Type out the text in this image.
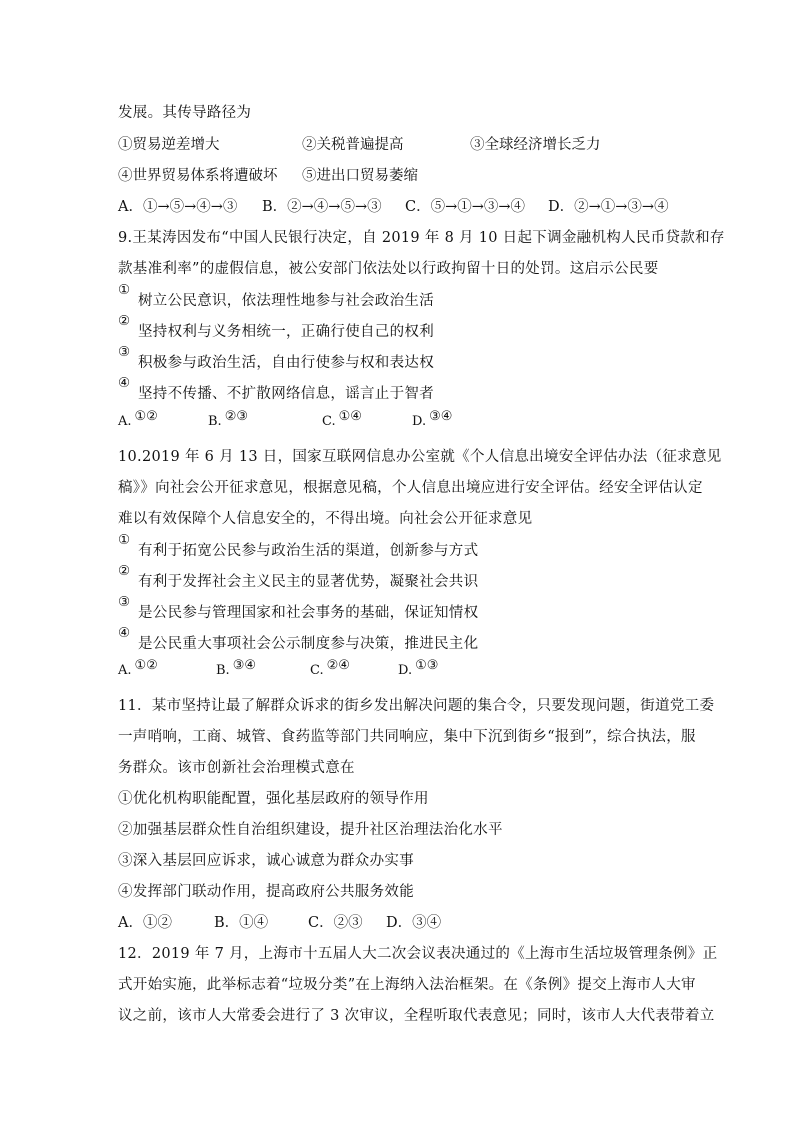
发展。其传导路径为
①贸易逆差增大	②关税普遍提高	③全球经济增长乏力
④世界贸易体系将遭破坏 ⑤进出口贸易萎缩
A．①→⑤→④→③ B．②→④→⑤→③ C．⑤→①→③→④ D．②→①→③→④
9.王某涛因发布“中国人民银行决定，自 2019 年 8 月 10 日起下调金融机构人民币贷款和存
款基准利率”的虚假信息，被公安部门依法处以行政拘留十日的处罚。这启示公民要
①
树立公民意识，依法理性地参与社会政治生活
②
坚持权利与义务相统一，正确行使自己的权利
③
积极参与政治生活，自由行使参与权和表达权
④
坚持不传播、不扩散网络信息，谣言止于智者
A. ①②	B. ②③	C. ①④	D. ③④
10.2019 年 6 月 13 日，国家互联网信息办公室就《个人信息出境安全评估办法（征求意见
稿》》向社会公开征求意见，根据意见稿，个人信息出境应进行安全评估。经安全评估认定
难以有效保障个人信息安全的，不得出境。向社会公开征求意见
①
有利于拓宽公民参与政治生活的渠道，创新参与方式
②
有利于发挥社会主义民主的显著优势，凝聚社会共识
③
是公民参与管理国家和社会事务的基础，保证知情权
④
是公民重大事项社会公示制度参与决策，推进民主化
A. ①②	B. ③④	C. ②④	D. ①③
11．某市坚持让最了解群众诉求的街乡发出解决问题的集合令，只要发现问题，街道党工委
一声哨响，工商、城管、食药监等部门共同响应，集中下沉到街乡“报到”，综合执法，服
务群众。该市创新社会治理模式意在
①优化机构职能配置，强化基层政府的领导作用
②加强基层群众性自治组织建设，提升社区治理法治化水平
③深入基层回应诉求，诚心诚意为群众办实事
④发挥部门联动作用，提高政府公共服务效能
A．①②	B．①④	C．②③ D．③④
12．2019 年 7 月，上海市十五届人大二次会议表决通过的《上海市生活垃圾管理条例》正
式开始实施，此举标志着“垃圾分类”在上海纳入法治框架。在《条例》提交上海市人大审
议之前，该市人大常委会进行了 3 次审议，全程听取代表意见；同时，该市人大代表带着立
